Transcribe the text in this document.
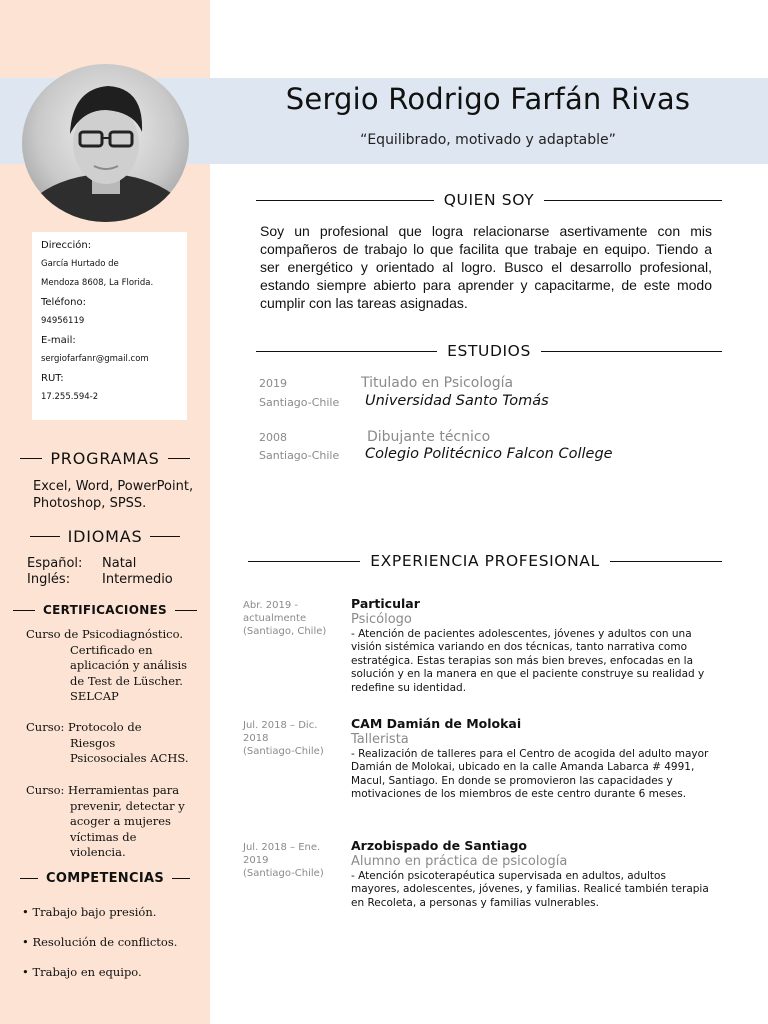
Sergio Rodrigo Farfán Rivas
“Equilibrado, motivado y adaptable”
Dirección:
García Hurtado de
Mendoza 8608, La Florida.
Teléfono:
94956119
E-mail:
sergiofarfanr@gmail.com
RUT:
17.255.594-2
PROGRAMAS
Excel, Word, PowerPoint,
Photoshop, SPSS.
IDIOMAS
Español: Natal
Inglés: Intermedio
CERTIFICACIONES
Curso de Psicodiagnóstico.
Certificado en
aplicación y análisis
de Test de Lüscher.
SELCAP
Curso: Protocolo de
Riesgos
Psicosociales ACHS.
Curso: Herramientas para
prevenir, detectar y
acoger a mujeres
víctimas de
violencia.
COMPETENCIAS
• Trabajo bajo presión.
• Resolución de conflictos.
• Trabajo en equipo.
QUIEN SOY
Soy un profesional que logra relacionarse asertivamente con mis compañeros de trabajo lo que facilita que trabaje en equipo. Tiendo a ser energético y orientado al logro. Busco el desarrollo profesional, estando siempre abierto para aprender y capacitarme, de este modo cumplir con las tareas asignadas.
ESTUDIOS
2019	Titulado en Psicología
Santiago-Chile Universidad Santo Tomás
2008	Dibujante técnico
Santiago-Chile Colegio Politécnico Falcon College
EXPERIENCIA PROFESIONAL
Abr. 2019 -
actualmente
(Santiago, Chile)
Particular
Psicólogo
- Atención de pacientes adolescentes, jóvenes y adultos con una visión sistémica variando en dos técnicas, tanto narrativa como estratégica. Estas terapias son más bien breves, enfocadas en la solución y en la manera en que el paciente construye su realidad y redefine su identidad.
Jul. 2018 – Dic.
2018
(Santiago-Chile)
CAM Damián de Molokai
Tallerista
- Realización de talleres para el Centro de acogida del adulto mayor Damián de Molokai, ubicado en la calle Amanda Labarca # 4991, Macul, Santiago. En donde se promovieron las capacidades y motivaciones de los miembros de este centro durante 6 meses.
Jul. 2018 – Ene.
2019
(Santiago-Chile)
Arzobispado de Santiago
Alumno en práctica de psicología
- Atención psicoterapéutica supervisada en adultos, adultos mayores, adolescentes, jóvenes, y familias. Realicé también terapia en Recoleta, a personas y familias vulnerables.
